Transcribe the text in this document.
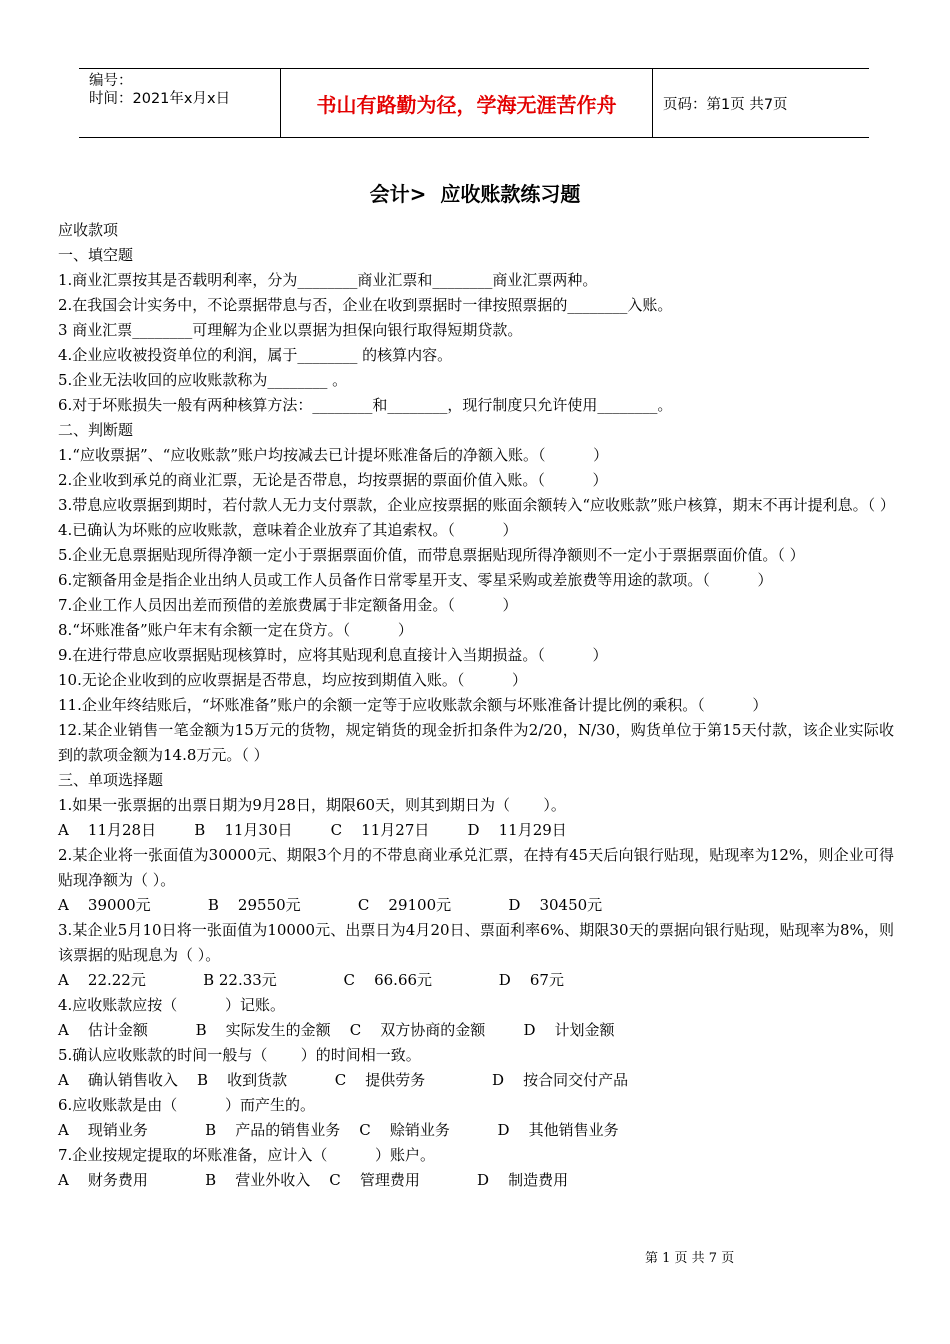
编号：
时间：2021年x月x日	书山有路勤为径，学海无涯苦作舟	页码：第1页 共7页
会计>  应收账款练习题
应收款项
一、填空题
1.商业汇票按其是否载明利率，分为________商业汇票和________商业汇票两种。
2.在我国会计实务中，不论票据带息与否，企业在收到票据时一律按照票据的________入账。
3 商业汇票________可理解为企业以票据为担保向银行取得短期贷款。
4.企业应收被投资单位的利润，属于________ 的核算内容。
5.企业无法收回的应收账款称为________ 。
6.对于坏账损失一般有两种核算方法：________和________，现行制度只允许使用________。
二、判断题
1.“应收票据”、“应收账款”账户均按减去已计提坏账准备后的净额入账。（          ）
2.企业收到承兑的商业汇票，无论是否带息，均按票据的票面价值入账。（          ）
3.带息应收票据到期时，若付款人无力支付票款，企业应按票据的账面余额转入“应收账款”账户核算，期末不再计提利息。（ ）
4.已确认为坏账的应收账款，意味着企业放弃了其追索权。（          ）
5.企业无息票据贴现所得净额一定小于票据票面价值，而带息票据贴现所得净额则不一定小于票据票面价值。（ ）
6.定额备用金是指企业出纳人员或工作人员备作日常零星开支、零星采购或差旅费等用途的款项。（          ）
7.企业工作人员因出差而预借的差旅费属于非定额备用金。（          ）
8.“坏账准备”账户年末有余额一定在贷方。（          ）
9.在进行带息应收票据贴现核算时，应将其贴现利息直接计入当期损益。（          ）
10.无论企业收到的应收票据是否带息，均应按到期值入账。（          ）
11.企业年终结账后，“坏账准备”账户的余额一定等于应收账款余额与坏账准备计提比例的乘积。（          ）
12.某企业销售一笔金额为15万元的货物，规定销货的现金折扣条件为2/20，N/30，购货单位于第15天付款，该企业实际收到的款项金额为14.8万元。（ ）
三、单项选择题
1.如果一张票据的出票日期为9月28日，期限60天，则其到期日为（       ）。
A    11月28日        B    11月30日        C    11月27日        D    11月29日
2.某企业将一张面值为30000元、期限3个月的不带息商业承兑汇票，在持有45天后向银行贴现，贴现率为12%，则企业可得贴现净额为（ ）。
A    39000元            B    29550元            C    29100元            D    30450元
3.某企业5月10日将一张面值为10000元、出票日为4月20日、票面利率6%、期限30天的票据向银行贴现，贴现率为8%，则该票据的贴现息为（ ）。
A    22.22元            B 22.33元              C    66.66元              D    67元
4.应收账款应按（          ）记账。
A    估计金额          B    实际发生的金额    C    双方协商的金额        D    计划金额
5.确认应收账款的时间一般与（       ）的时间相一致。
A    确认销售收入    B    收到货款          C    提供劳务              D    按合同交付产品
6.应收账款是由（          ）而产生的。
A    现销业务            B    产品的销售业务    C    赊销业务          D    其他销售业务
7.企业按规定提取的坏账准备，应计入（          ）账户。
A    财务费用            B    营业外收入    C    管理费用            D    制造费用
第 1 页 共 7 页
